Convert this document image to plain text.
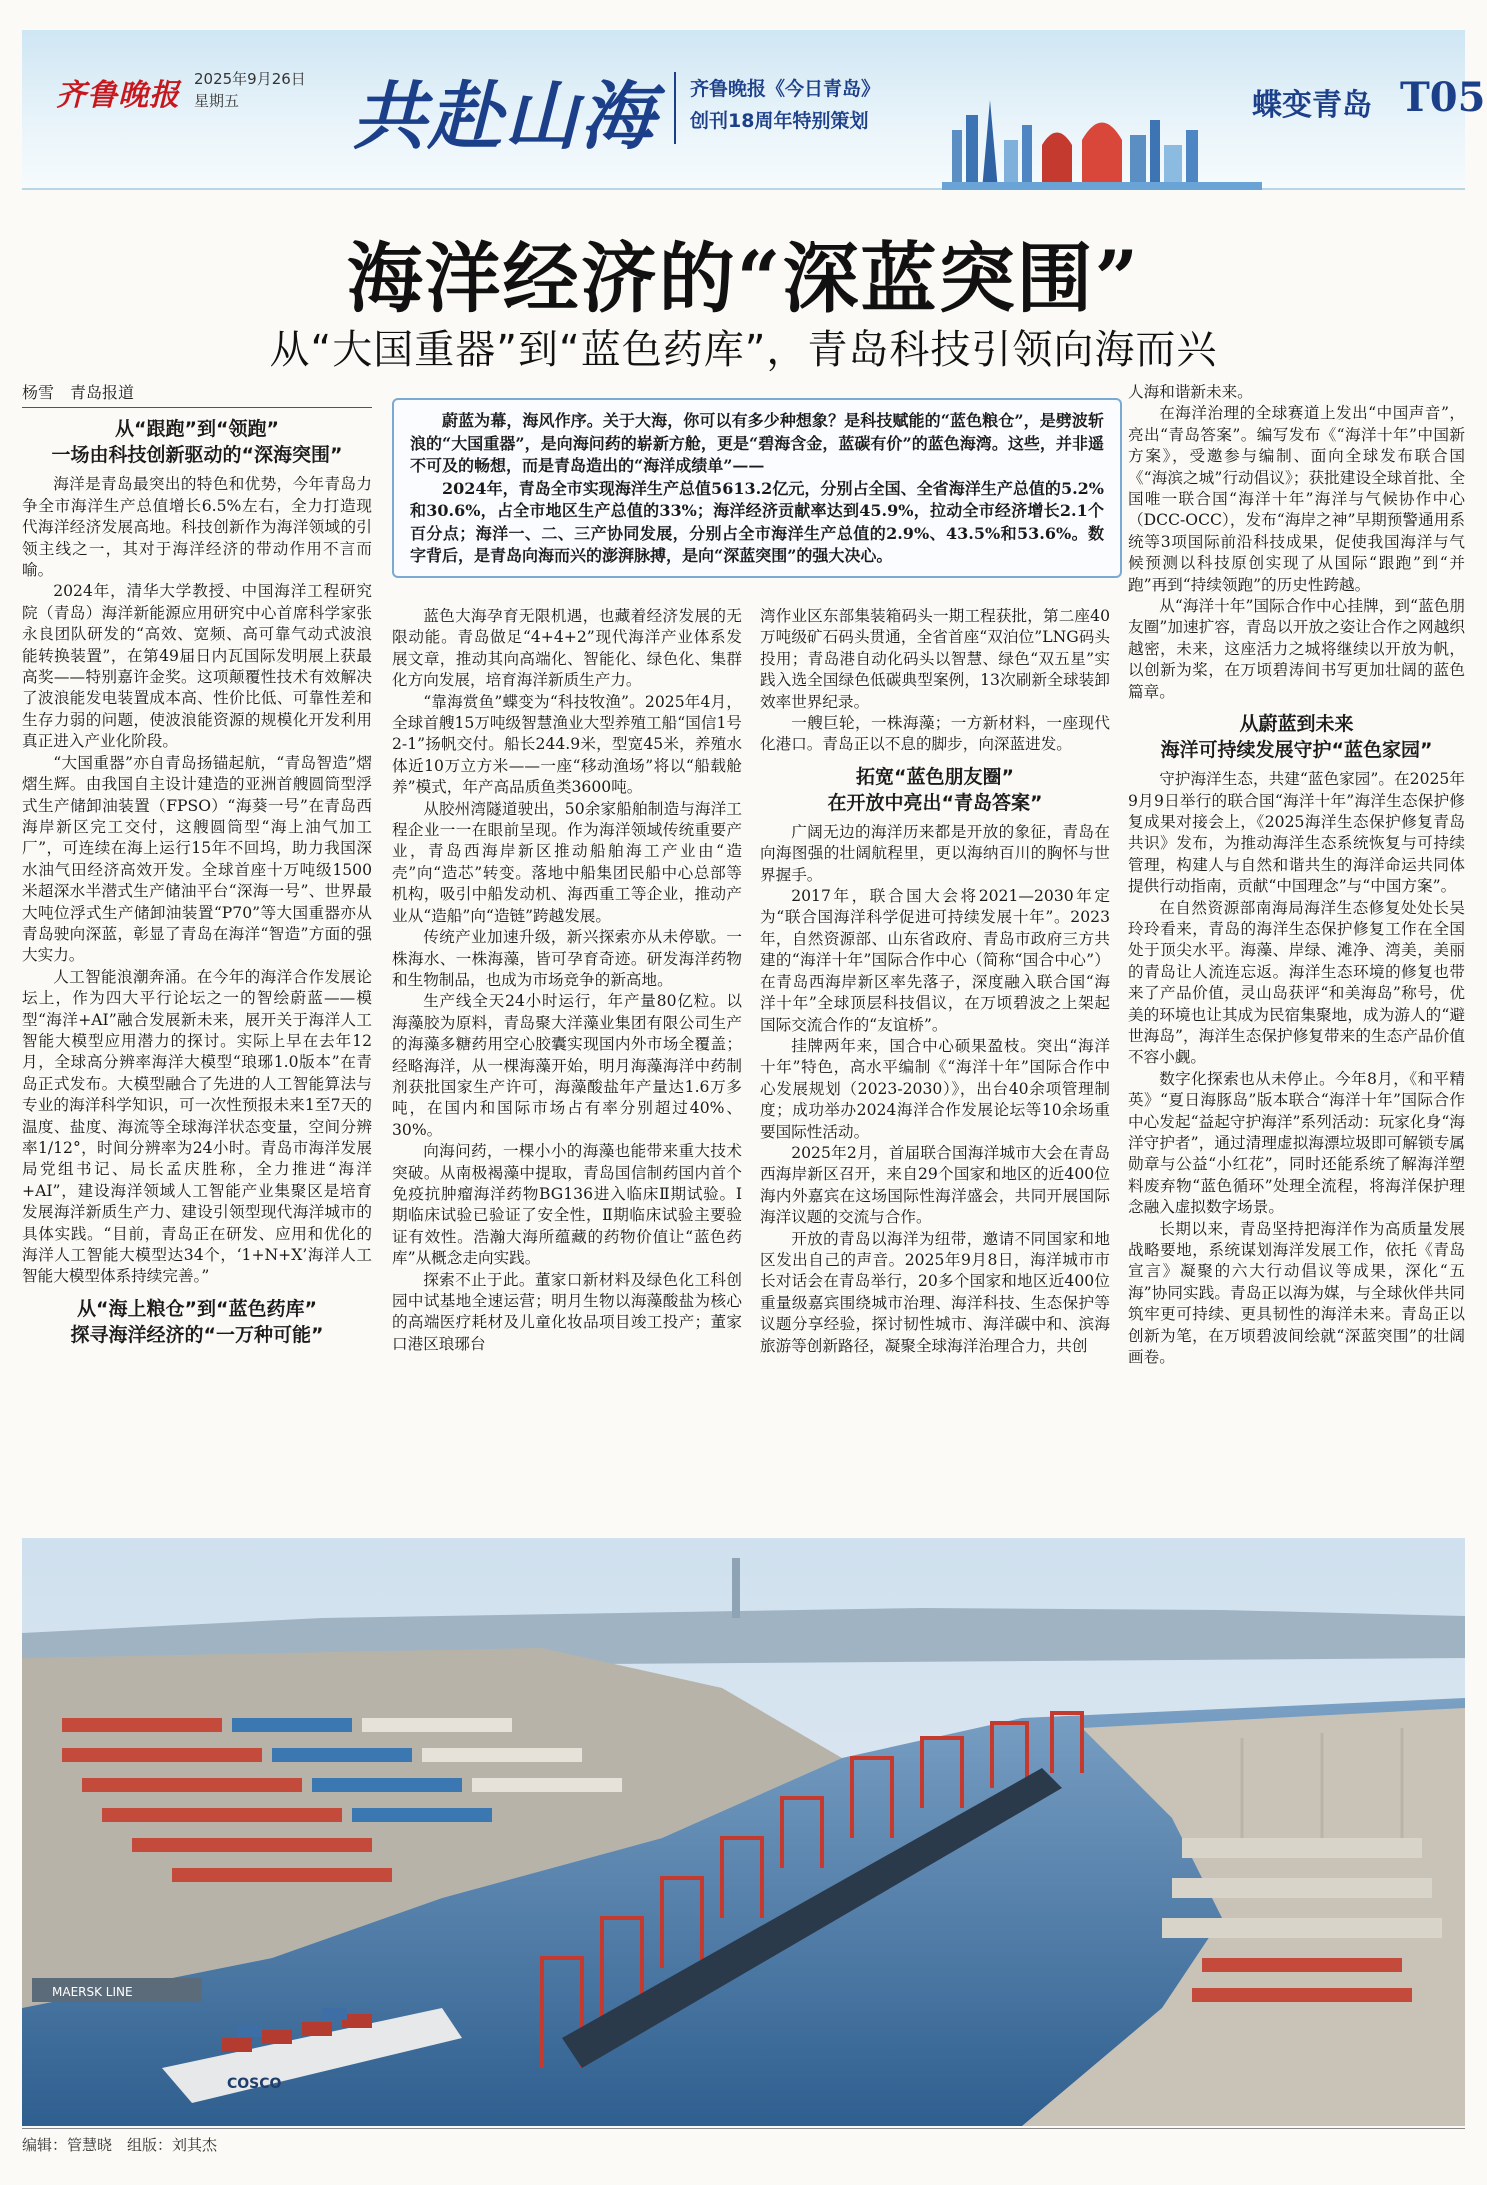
齐鲁晚报 2025年9月26日
星期五	共赴山海 齐鲁晚报《今日青岛》
创刊18周年特别策划	蝶变青岛 T05
海洋经济的“深蓝突围”
从“大国重器”到“蓝色药库”，青岛科技引领向海而兴

杨雪　青岛报道

从“跟跑”到“领跑”
一场由科技创新驱动的“深海突围”

海洋是青岛最突出的特色和优势，今年青岛力争全市海洋生产总值增长6.5%左右，全力打造现代海洋经济发展高地。科技创新作为海洋领域的引领主线之一，其对于海洋经济的带动作用不言而喻。

2024年，清华大学教授、中国海洋工程研究院（青岛）海洋新能源应用研究中心首席科学家张永良团队研发的“高效、宽频、高可靠气动式波浪能转换装置”，在第49届日内瓦国际发明展上获最高奖——特别嘉许金奖。这项颠覆性技术有效解决了波浪能发电装置成本高、性价比低、可靠性差和生存力弱的问题，使波浪能资源的规模化开发利用真正进入产业化阶段。

“大国重器”亦自青岛扬锚起航，“青岛智造”熠熠生辉。由我国自主设计建造的亚洲首艘圆筒型浮式生产储卸油装置（FPSO）“海葵一号”在青岛西海岸新区完工交付，这艘圆筒型“海上油气加工厂”，可连续在海上运行15年不回坞，助力我国深水油气田经济高效开发。全球首座十万吨级1500米超深水半潜式生产储油平台“深海一号”、世界最大吨位浮式生产储卸油装置“P70”等大国重器亦从青岛驶向深蓝，彰显了青岛在海洋“智造”方面的强大实力。

人工智能浪潮奔涌。在今年的海洋合作发展论坛上，作为四大平行论坛之一的智绘蔚蓝——模型“海洋+AI”融合发展新未来，展开关于海洋人工智能大模型应用潜力的探讨。实际上早在去年12月，全球高分辨率海洋大模型“琅琊1.0版本”在青岛正式发布。大模型融合了先进的人工智能算法与专业的海洋科学知识，可一次性预报未来1至7天的温度、盐度、海流等全球海洋状态变量，空间分辨率1/12°，时间分辨率为24小时。青岛市海洋发展局党组书记、局长孟庆胜称，全力推进“海洋+AI”，建设海洋领域人工智能产业集聚区是培育发展海洋新质生产力、建设引领型现代海洋城市的具体实践。“目前，青岛正在研发、应用和优化的海洋人工智能大模型达34个，‘1+N+X’海洋人工智能大模型体系持续完善。”

从“海上粮仓”到“蓝色药库”
探寻海洋经济的“一万种可能”

蔚蓝为幕，海风作序。关于大海，你可以有多少种想象？是科技赋能的“蓝色粮仓”，是劈波斩浪的“大国重器”，是向海问药的崭新方舱，更是“碧海含金，蓝碳有价”的蓝色海湾。这些，并非遥不可及的畅想，而是青岛造出的“海洋成绩单”——

2024年，青岛全市实现海洋生产总值5613.2亿元，分别占全国、全省海洋生产总值的5.2%和30.6%，占全市地区生产总值的33%；海洋经济贡献率达到45.9%，拉动全市经济增长2.1个百分点；海洋一、二、三产协同发展，分别占全市海洋生产总值的2.9%、43.5%和53.6%。数字背后，是青岛向海而兴的澎湃脉搏，是向“深蓝突围”的强大决心。

蓝色大海孕育无限机遇，也藏着经济发展的无限动能。青岛做足“4+4+2”现代海洋产业体系发展文章，推动其向高端化、智能化、绿色化、集群化方向发展，培育海洋新质生产力。

“靠海赏鱼”蝶变为“科技牧渔”。2025年4月，全球首艘15万吨级智慧渔业大型养殖工船“国信1号2-1”扬帆交付。船长244.9米，型宽45米，养殖水体近10万立方米——一座“移动渔场”将以“船载舱养”模式，年产高品质鱼类3600吨。

从胶州湾隧道驶出，50余家船舶制造与海洋工程企业一一在眼前呈现。作为海洋领域传统重要产业，青岛西海岸新区推动船舶海工产业由“造壳”向“造芯”转变。落地中船集团民船中心总部等机构，吸引中船发动机、海西重工等企业，推动产业从“造船”向“造链”跨越发展。

传统产业加速升级，新兴探索亦从未停歇。一株海水、一株海藻，皆可孕育奇迹。研发海洋药物和生物制品，也成为市场竞争的新高地。

生产线全天24小时运行，年产量80亿粒。以海藻胶为原料，青岛聚大洋藻业集团有限公司生产的海藻多糖药用空心胶囊实现国内外市场全覆盖；经略海洋，从一棵海藻开始，明月海藻海洋中药制剂获批国家生产许可，海藻酸盐年产量达1.6万多吨，在国内和国际市场占有率分别超过40%、30%。

向海问药，一棵小小的海藻也能带来重大技术突破。从南极褐藻中提取，青岛国信制药国内首个免疫抗肿瘤海洋药物BG136进入临床Ⅱ期试验。Ⅰ期临床试验已验证了安全性，Ⅱ期临床试验主要验证有效性。浩瀚大海所蕴藏的药物价值让“蓝色药库”从概念走向实践。

探索不止于此。董家口新材料及绿色化工科创园中试基地全速运营；明月生物以海藻酸盐为核心的高端医疗耗材及儿童化妆品项目竣工投产；董家口港区琅琊台

湾作业区东部集装箱码头一期工程获批，第二座40万吨级矿石码头贯通，全省首座“双泊位”LNG码头投用；青岛港自动化码头以智慧、绿色“双五星”实践入选全国绿色低碳典型案例，13次刷新全球装卸效率世界纪录。

一艘巨轮，一株海藻；一方新材料，一座现代化港口。青岛正以不息的脚步，向深蓝进发。

拓宽“蓝色朋友圈”
在开放中亮出“青岛答案”

广阔无边的海洋历来都是开放的象征，青岛在向海图强的壮阔航程里，更以海纳百川的胸怀与世界握手。

2017年，联合国大会将2021—2030年定为“联合国海洋科学促进可持续发展十年”。2023年，自然资源部、山东省政府、青岛市政府三方共建的“海洋十年”国际合作中心（简称“国合中心”）在青岛西海岸新区率先落子，深度融入联合国“海洋十年”全球顶层科技倡议，在万顷碧波之上架起国际交流合作的“友谊桥”。

挂牌两年来，国合中心硕果盈枝。突出“海洋十年”特色，高水平编制《“海洋十年”国际合作中心发展规划（2023-2030）》，出台40余项管理制度；成功举办2024海洋合作发展论坛等10余场重要国际性活动。

2025年2月，首届联合国海洋城市大会在青岛西海岸新区召开，来自29个国家和地区的近400位海内外嘉宾在这场国际性海洋盛会，共同开展国际海洋议题的交流与合作。

开放的青岛以海洋为纽带，邀请不同国家和地区发出自己的声音。2025年9月8日，海洋城市市长对话会在青岛举行，20多个国家和地区近400位重量级嘉宾围绕城市治理、海洋科技、生态保护等议题分享经验，探讨韧性城市、海洋碳中和、滨海旅游等创新路径，凝聚全球海洋治理合力，共创

人海和谐新未来。

在海洋治理的全球赛道上发出“中国声音”，亮出“青岛答案”。编写发布《“海洋十年”中国新方案》，受邀参与编制、面向全球发布联合国《“海滨之城”行动倡议》；获批建设全球首批、全国唯一联合国“海洋十年”海洋与气候协作中心（DCC-OCC），发布“海岸之神”早期预警通用系统等3项国际前沿科技成果，促使我国海洋与气候预测以科技原创实现了从国际“跟跑”到“并跑”再到“持续领跑”的历史性跨越。

从“海洋十年”国际合作中心挂牌，到“蓝色朋友圈”加速扩容，青岛以开放之姿让合作之网越织越密，未来，这座活力之城将继续以开放为帆，以创新为桨，在万顷碧涛间书写更加壮阔的蓝色篇章。

从蔚蓝到未来
海洋可持续发展守护“蓝色家园”

守护海洋生态，共建“蓝色家园”。在2025年9月9日举行的联合国“海洋十年”海洋生态保护修复成果对接会上，《2025海洋生态保护修复青岛共识》发布，为推动海洋生态系统恢复与可持续管理，构建人与自然和谐共生的海洋命运共同体提供行动指南，贡献“中国理念”与“中国方案”。

在自然资源部南海局海洋生态修复处处长吴玲玲看来，青岛的海洋生态保护修复工作在全国处于顶尖水平。海藻、岸绿、滩净、湾美，美丽的青岛让人流连忘返。海洋生态环境的修复也带来了产品价值，灵山岛获评“和美海岛”称号，优美的环境也让其成为民宿集聚地，成为游人的“避世海岛”，海洋生态保护修复带来的生态产品价值不容小觑。

数字化探索也从未停止。今年8月，《和平精英》“夏日海豚岛”版本联合“海洋十年”国际合作中心发起“益起守护海洋”系列活动：玩家化身“海洋守护者”，通过清理虚拟海漂垃圾即可解锁专属勋章与公益“小红花”，同时还能系统了解海洋塑料废弃物“蓝色循环”处理全流程，将海洋保护理念融入虚拟数字场景。

长期以来，青岛坚持把海洋作为高质量发展战略要地，系统谋划海洋发展工作，依托《青岛宣言》凝聚的六大行动倡议等成果，深化“五海”协同实践。青岛正以海为媒，与全球伙伴共同筑牢更可持续、更具韧性的海洋未来。青岛正以创新为笔，在万顷碧波间绘就“深蓝突围”的壮阔画卷。

MAERSK LINE
COSCO
编辑：管慧晓　组版：刘其杰
